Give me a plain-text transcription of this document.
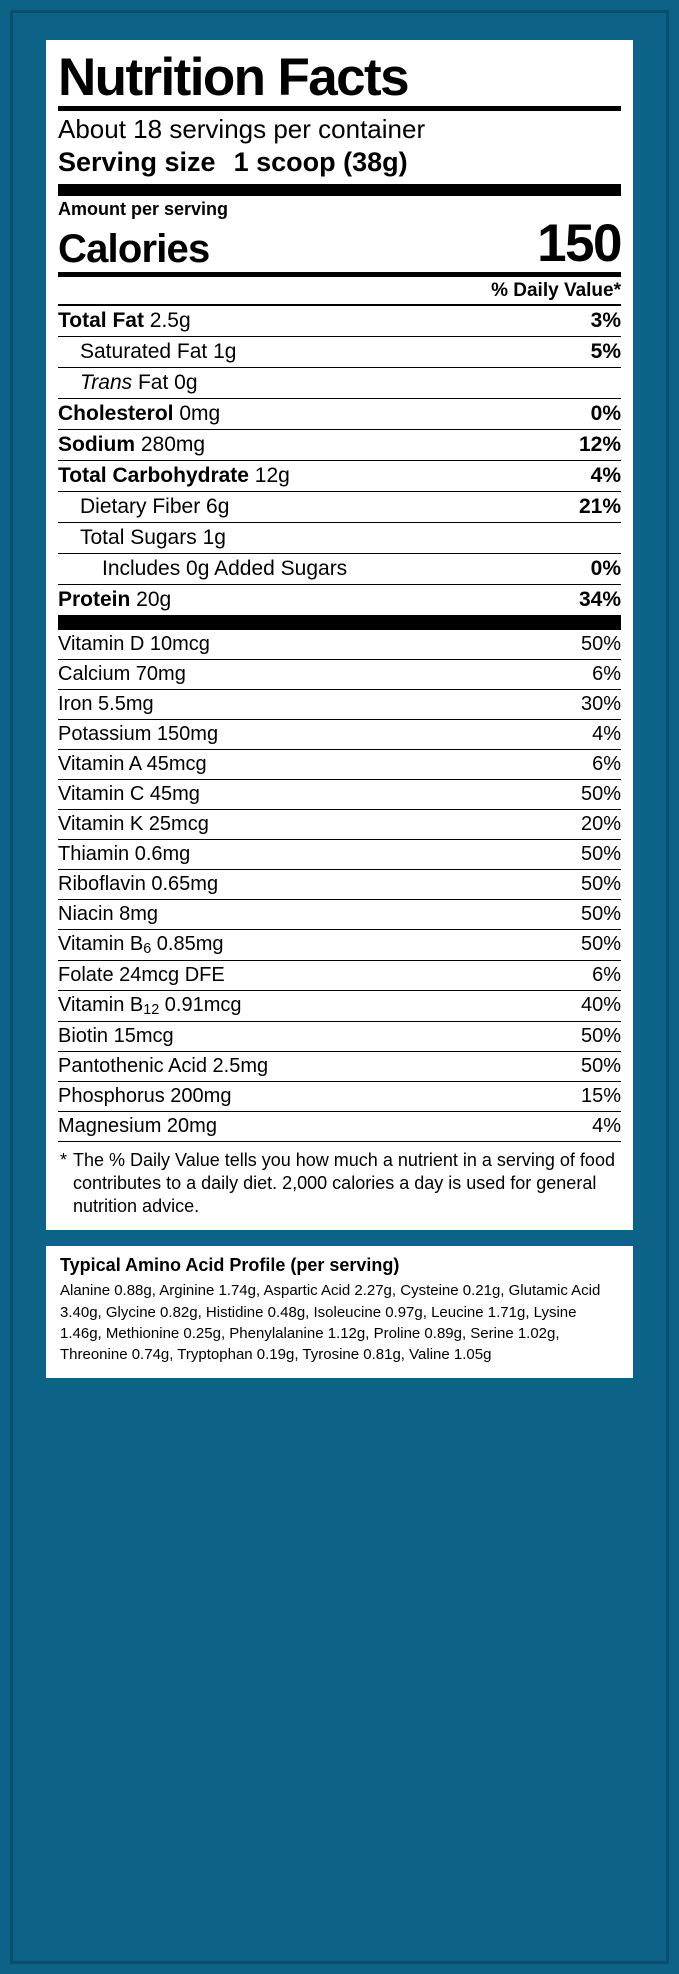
Nutrition Facts
About 18 servings per container
Serving size 1 scoop (38g)
Amount per serving
Calories	150
% Daily Value*
Total Fat 2.5g	3%
Saturated Fat 1g	5%
Trans Fat 0g
Cholesterol 0mg	0%
Sodium 280mg	12%
Total Carbohydrate 12g	4%
Dietary Fiber 6g	21%
Total Sugars 1g
Includes 0g Added Sugars	0%
Protein 20g	34%
Vitamin D 10mcg	50%
Calcium 70mg	6%
Iron 5.5mg	30%
Potassium 150mg	4%
Vitamin A 45mcg	6%
Vitamin C 45mg	50%
Vitamin K 25mcg	20%
Thiamin 0.6mg	50%
Riboflavin 0.65mg	50%
Niacin 8mg	50%
Vitamin $B_6$ 0.85mg	50%
Folate 24mcg DFE	6%
Vitamin $B_{12}$ 0.91mcg	40%
Biotin 15mcg	50%
Pantothenic Acid 2.5mg	50%
Phosphorus 200mg	15%
Magnesium 20mg	4%
* The % Daily Value tells you how much a nutrient in a serving of food contributes to a daily diet. 2,000 calories a day is used for general nutrition advice.
Typical Amino Acid Profile (per serving)
Alanine 0.88g, Arginine 1.74g, Aspartic Acid 2.27g, Cysteine 0.21g, Glutamic Acid 3.40g, Glycine 0.82g, Histidine 0.48g, Isoleucine 0.97g, Leucine 1.71g, Lysine 1.46g, Methionine 0.25g, Phenylalanine 1.12g, Proline 0.89g, Serine 1.02g, Threonine 0.74g, Tryptophan 0.19g, Tyrosine 0.81g, Valine 1.05g
